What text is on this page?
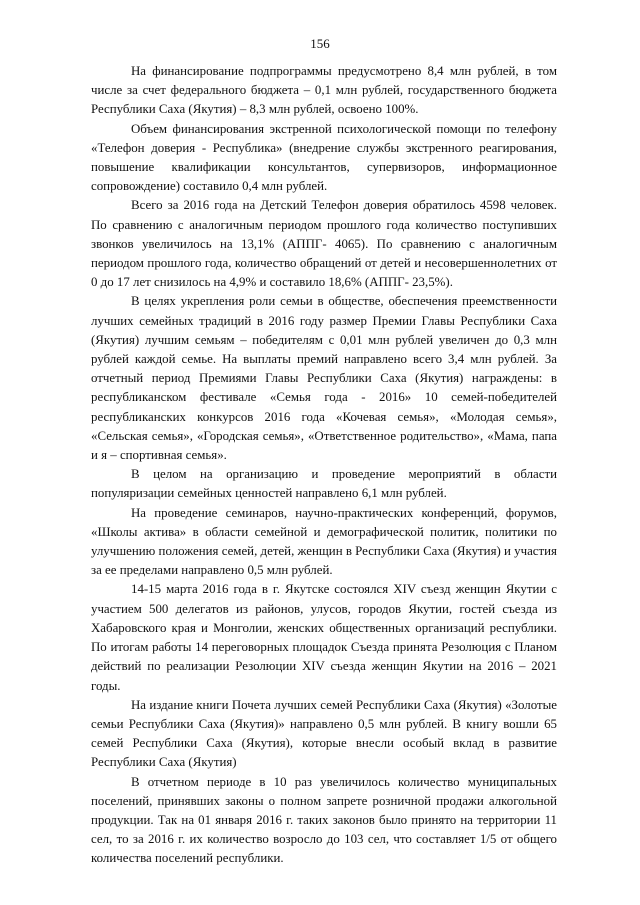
156

На финансирование подпрограммы предусмотрено 8,4 млн рублей, в том числе за счет федерального бюджета – 0,1 млн рублей, государственного бюджета Республики Саха (Якутия) – 8,3 млн рублей, освоено 100%.

Объем финансирования экстренной психологической помощи по телефону «Телефон доверия - Республика» (внедрение службы экстренного реагирования, повышение квалификации консультантов, супервизоров, информационное сопровождение) составило 0,4 млн рублей.

Всего за 2016 года на Детский Телефон доверия обратилось 4598 человек. По сравнению с аналогичным периодом прошлого года количество поступивших звонков увеличилось на 13,1% (АППГ- 4065). По сравнению с аналогичным периодом прошлого года, количество обращений от детей и несовершеннолетних от 0 до 17 лет снизилось на 4,9% и составило 18,6% (АППГ- 23,5%).

В целях укрепления роли семьи в обществе, обеспечения преемственности лучших семейных традиций в 2016 году размер Премии Главы Республики Саха (Якутия) лучшим семьям – победителям с 0,01 млн рублей увеличен до 0,3 млн рублей каждой семье. На выплаты премий направлено всего 3,4 млн рублей. За отчетный период Премиями Главы Республики Саха (Якутия) награждены: в республиканском фестивале «Семья года - 2016» 10 семей-победителей республиканских конкурсов 2016 года «Кочевая семья», «Молодая семья», «Сельская семья», «Городская семья», «Ответственное родительство», «Мама, папа и я – спортивная семья».

В целом на организацию и проведение мероприятий в области популяризации семейных ценностей направлено 6,1 млн рублей.

На проведение семинаров, научно-практических конференций, форумов, «Школы актива» в области семейной и демографической политик, политики по улучшению положения семей, детей, женщин в Республики Саха (Якутия) и участия за ее пределами направлено 0,5 млн рублей.

14-15 марта 2016 года в г. Якутске состоялся XIV съезд женщин Якутии с участием 500 делегатов из районов, улусов, городов Якутии, гостей съезда из Хабаровского края и Монголии, женских общественных организаций республики. По итогам работы 14 переговорных площадок Съезда принята Резолюция с Планом действий по реализации Резолюции XIV съезда женщин Якутии на 2016 – 2021 годы.

На издание книги Почета лучших семей Республики Саха (Якутия) «Золотые семьи Республики Саха (Якутия)» направлено 0,5 млн рублей. В книгу вошли 65 семей Республики Саха (Якутия), которые внесли особый вклад в развитие Республики Саха (Якутия)

В отчетном периоде в 10 раз увеличилось количество муниципальных поселений, принявших законы о полном запрете розничной продажи алкогольной продукции. Так на 01 января 2016 г. таких законов было принято на территории 11 сел, то за 2016 г. их количество возросло до 103 сел, что составляет 1/5 от общего количества поселений республики.
